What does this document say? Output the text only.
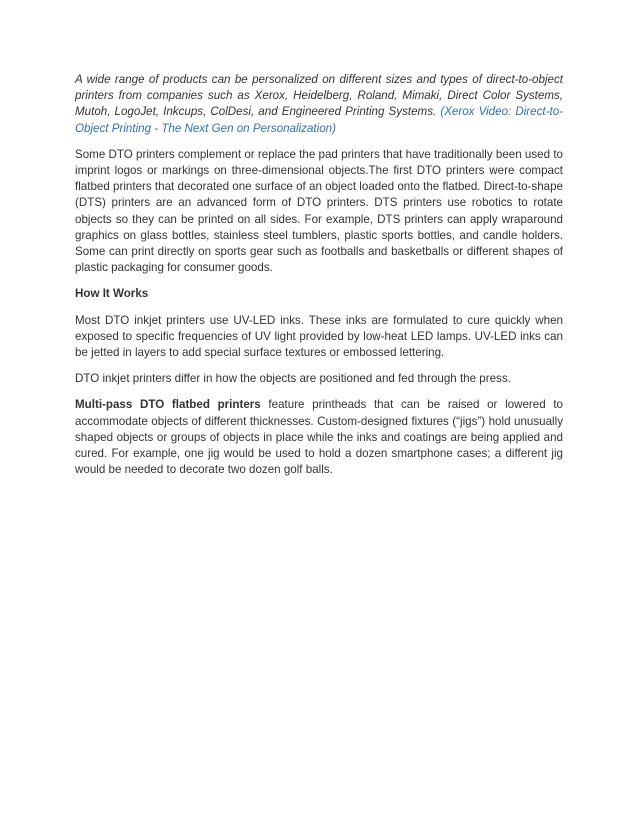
A wide range of products can be personalized on different sizes and types of direct-to-object printers from companies such as Xerox, Heidelberg, Roland, Mimaki, Direct Color Systems, Mutoh, LogoJet, Inkcups, ColDesi, and Engineered Printing Systems. (Xerox Video: Direct-to-Object Printing - The Next Gen on Personalization)

Some DTO printers complement or replace the pad printers that have traditionally been used to imprint logos or markings on three-dimensional objects.The first DTO printers were compact flatbed printers that decorated one surface of an object loaded onto the flatbed. Direct-to-shape (DTS) printers are an advanced form of DTO printers. DTS printers use robotics to rotate objects so they can be printed on all sides. For example, DTS printers can apply wraparound graphics on glass bottles, stainless steel tumblers, plastic sports bottles, and candle holders. Some can print directly on sports gear such as footballs and basketballs or different shapes of plastic packaging for consumer goods.

How It Works

Most DTO inkjet printers use UV-LED inks. These inks are formulated to cure quickly when exposed to specific frequencies of UV light provided by low-heat LED lamps. UV-LED inks can be jetted in layers to add special surface textures or embossed lettering.

DTO inkjet printers differ in how the objects are positioned and fed through the press.

Multi-pass DTO flatbed printers feature printheads that can be raised or lowered to accommodate objects of different thicknesses. Custom-designed fixtures (“jigs”) hold unusually shaped objects or groups of objects in place while the inks and coatings are being applied and cured. For example, one jig would be used to hold a dozen smartphone cases; a different jig would be needed to decorate two dozen golf balls.
